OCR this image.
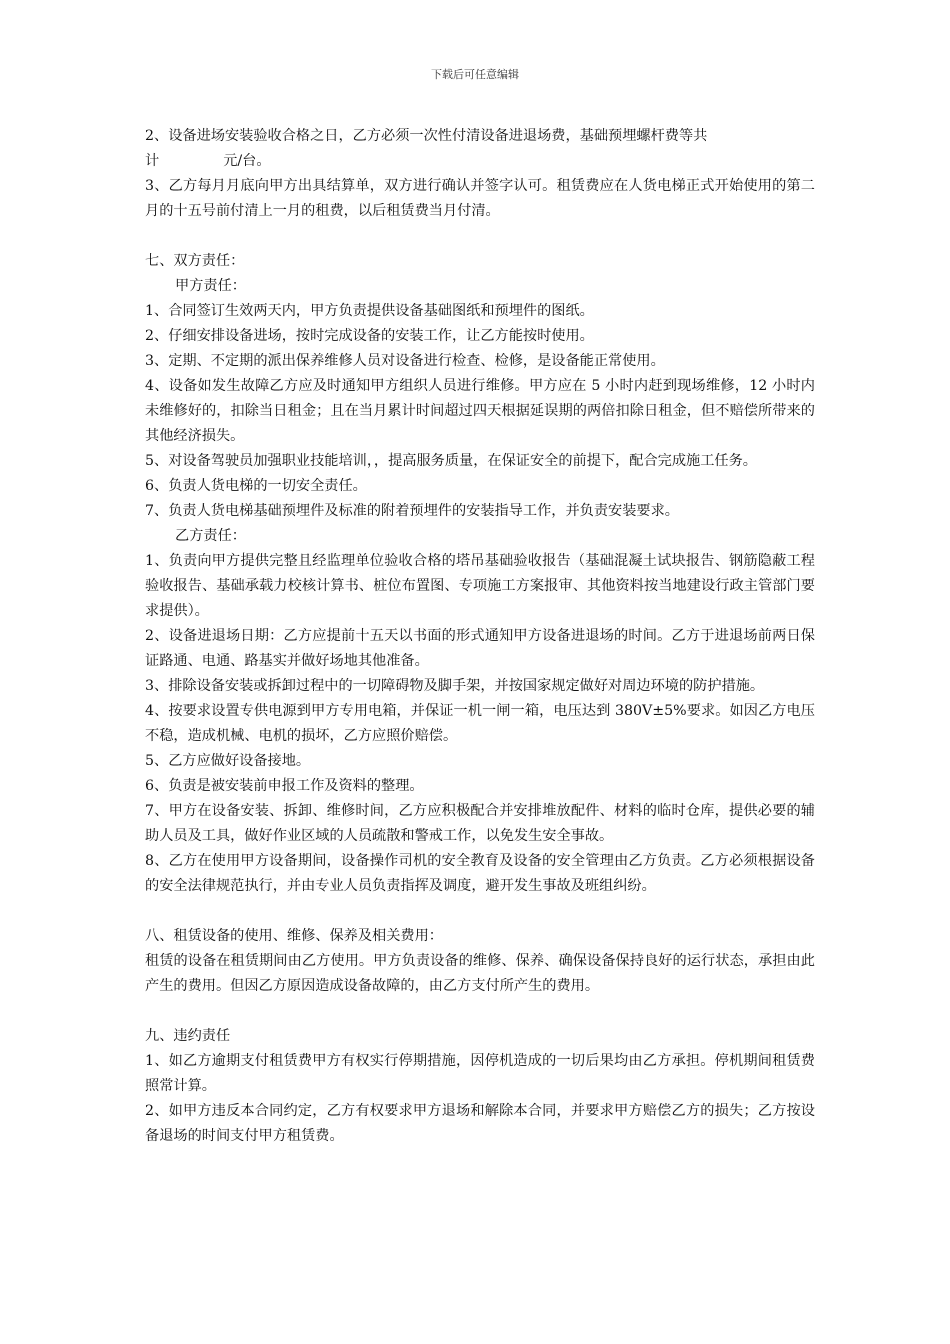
下载后可任意编辑

2、设备进场安装验收合格之日，乙方必须一次性付清设备进退场费，基础预埋螺杆费等共
计	元/台。

3、乙方每月月底向甲方出具结算单，双方进行确认并签字认可。租赁费应在人货电梯正式开始使用的第二月的十五号前付清上一月的租费，以后租赁费当月付清。

七、双方责任：

甲方责任：

1、合同签订生效两天内，甲方负责提供设备基础图纸和预埋件的图纸。

2、仔细安排设备进场，按时完成设备的安装工作，让乙方能按时使用。

3、定期、不定期的派出保养维修人员对设备进行检查、检修，是设备能正常使用。

4、设备如发生故障乙方应及时通知甲方组织人员进行维修。甲方应在 5 小时内赶到现场维修，12 小时内未维修好的，扣除当日租金；且在当月累计时间超过四天根据延误期的两倍扣除日租金，但不赔偿所带来的其他经济损失。

5、对设备驾驶员加强职业技能培训，，提高服务质量，在保证安全的前提下，配合完成施工任务。

6、负责人货电梯的一切安全责任。

7、负责人货电梯基础预埋件及标准的附着预埋件的安装指导工作，并负责安装要求。

乙方责任：

1、负责向甲方提供完整且经监理单位验收合格的塔吊基础验收报告（基础混凝土试块报告、钢筋隐蔽工程验收报告、基础承载力校核计算书、桩位布置图、专项施工方案报审、其他资料按当地建设行政主管部门要求提供）。

2、设备进退场日期：乙方应提前十五天以书面的形式通知甲方设备进退场的时间。乙方于进退场前两日保证路通、电通、路基实并做好场地其他准备。

3、排除设备安装或拆卸过程中的一切障碍物及脚手架，并按国家规定做好对周边环境的防护措施。

4、按要求设置专供电源到甲方专用电箱，并保证一机一闸一箱，电压达到 380V±5%要求。如因乙方电压不稳，造成机械、电机的损坏，乙方应照价赔偿。

5、乙方应做好设备接地。

6、负责是被安装前申报工作及资料的整理。

7、甲方在设备安装、拆卸、维修时间，乙方应积极配合并安排堆放配件、材料的临时仓库，提供必要的辅助人员及工具，做好作业区域的人员疏散和警戒工作，以免发生安全事故。

8、乙方在使用甲方设备期间，设备操作司机的安全教育及设备的安全管理由乙方负责。乙方必须根据设备的安全法律规范执行，并由专业人员负责指挥及调度，避开发生事故及班组纠纷。

八、租赁设备的使用、维修、保养及相关费用：

租赁的设备在租赁期间由乙方使用。甲方负责设备的维修、保养、确保设备保持良好的运行状态，承担由此产生的费用。但因乙方原因造成设备故障的，由乙方支付所产生的费用。

九、违约责任

1、如乙方逾期支付租赁费甲方有权实行停期措施，因停机造成的一切后果均由乙方承担。停机期间租赁费照常计算。

2、如甲方违反本合同约定，乙方有权要求甲方退场和解除本合同，并要求甲方赔偿乙方的损失；乙方按设备退场的时间支付甲方租赁费。
